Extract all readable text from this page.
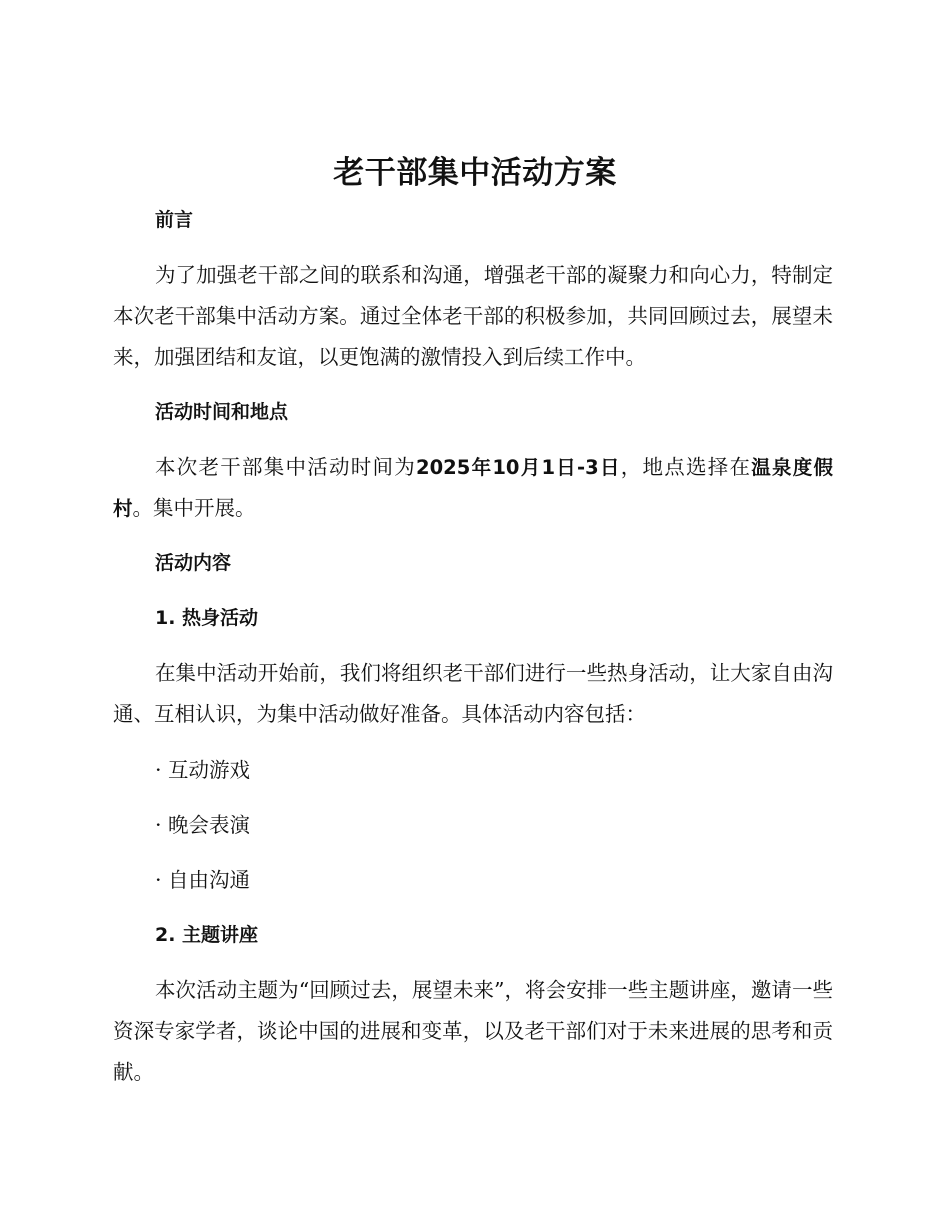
老干部集中活动方案

前言

为了加强老干部之间的联系和沟通，增强老干部的凝聚力和向心力，特制定本次老干部集中活动方案。通过全体老干部的积极参加，共同回顾过去，展望未来，加强团结和友谊，以更饱满的激情投入到后续工作中。

活动时间和地点

本次老干部集中活动时间为2025年10月1日-3日，地点选择在温泉度假村。集中开展。

活动内容

1. 热身活动

在集中活动开始前，我们将组织老干部们进行一些热身活动，让大家自由沟通、互相认识，为集中活动做好准备。具体活动内容包括：

· 互动游戏

· 晚会表演

· 自由沟通

2. 主题讲座

本次活动主题为“回顾过去，展望未来”，将会安排一些主题讲座，邀请一些资深专家学者，谈论中国的进展和变革，以及老干部们对于未来进展的思考和贡献。
